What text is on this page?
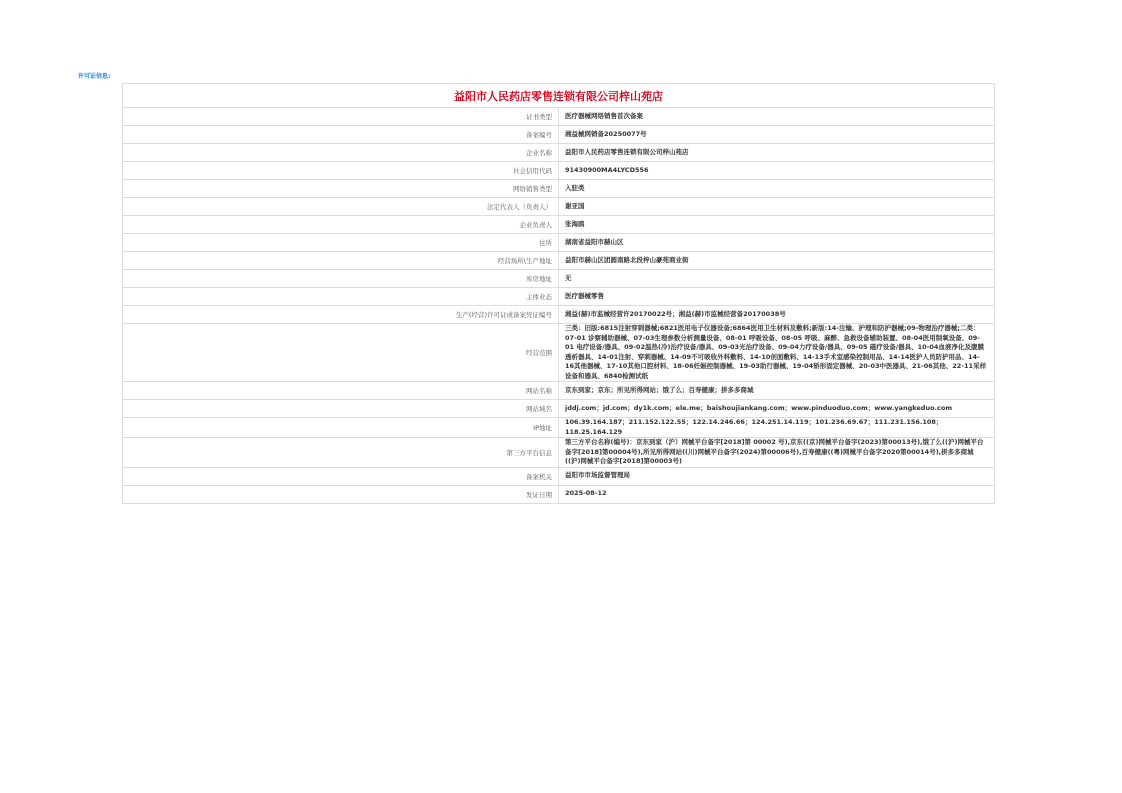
许可证信息:
益阳市人民药店零售连锁有限公司梓山苑店	
证书类型	医疗器械网络销售首次备案
备案编号	湘益械网销备20250077号
企业名称	益阳市人民药店零售连锁有限公司梓山苑店
社会信用代码	91430900MA4LYCD556
网络销售类型	入驻类
法定代表人（负责人）	谢亚国
企业负责人	张海鸥
住所	湖南省益阳市赫山区
经营场所\生产地址	益阳市赫山区团圆南路北段梓山豪苑商业街
库房地址	无
主体业态	医疗器械零售
生产(经营)许可证或备案凭证编号	湘益(赫)市监械经营许20170022号；湘益(赫)市监械经营备20170038号
经营范围	三类：旧版:6815注射穿刺器械;6821医用电子仪器设备;6864医用卫生材料及敷料;新版:14-注输、护理和防护器械;09-物理治疗器械;二类：07-01 诊察辅助器械、07-03生理参数分析测量设备、08-01 呼吸设备、08-05 呼吸、麻醉、急救设备辅助装置、08-04医用制氧设备、09-01 电疗设备/器具、09-02温热(冷)治疗设备/器具、09-03光治疗设备、09-04力疗设备/器具、09-05 磁疗设备/器具、10-04血液净化及腹膜透析器具、14-01注射、穿刺器械、14-09不可吸收外科敷料、14-10创面敷料、14-13手术室感染控制用品、14-14医护人员防护用品、14-16其他器械、17-10其他口腔材料、18-06妊娠控制器械、19-03助行器械、19-04矫形固定器械、20-03中医器具、21-06其他、22-11采样设备和器具、6840检测试纸
网站名称	京东到家；京东；所见所得网站；饿了么；百寿健康；拼多多商城
网站域名	jddj.com；jd.com；dy1k.com；ele.me；baishoujiankang.com；www.pinduoduo.com；www.yangkeduo.com
IP地址	106.39.164.187；211.152.122.55；122.14.246.66；124.251.14.119；101.236.69.67；111.231.156.108；118.25.164.129
第三方平台信息	第三方平台名称(编号)：京东到家（沪）网械平台备字[2018]第 00002 号),京东((京)网械平台备字(2023)第00013号),饿了么((沪)网械平台备字[2018]第00004号),所见所得网站((川)网械平台备字(2024)第00006号),百寿健康((粤)网械平台备字2020第00014号),拼多多商城((沪)网械平台备字[2018]第00003号)
备案机关	益阳市市场监督管理局
发证日期	2025-08-12
